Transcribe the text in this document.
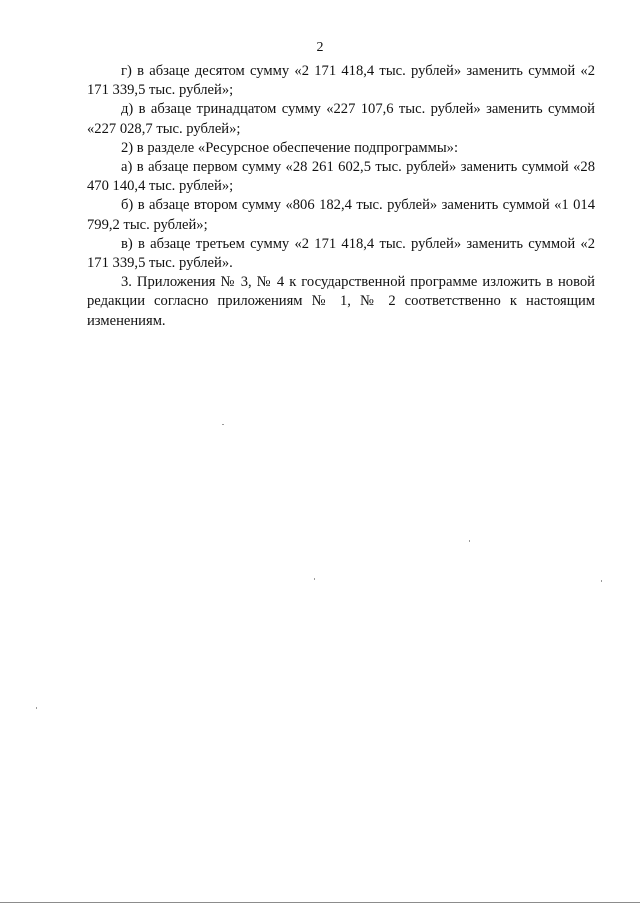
2

г) в абзаце десятом сумму «2 171 418,4 тыс. рублей» заменить суммой «2 171 339,5 тыс. рублей»;

д) в абзаце тринадцатом сумму «227 107,6 тыс. рублей» заменить суммой «227 028,7 тыс. рублей»;

2) в разделе «Ресурсное обеспечение подпрограммы»:

а) в абзаце первом сумму «28 261 602,5 тыс. рублей» заменить суммой «28 470 140,4 тыс. рублей»;

б) в абзаце втором сумму «806 182,4 тыс. рублей» заменить суммой «1 014 799,2 тыс. рублей»;

в) в абзаце третьем сумму «2 171 418,4 тыс. рублей» заменить суммой «2 171 339,5 тыс. рублей».

3. Приложения № 3, № 4 к государственной программе изложить в новой редакции согласно приложениям № 1, № 2 соответственно к настоящим изменениям.
